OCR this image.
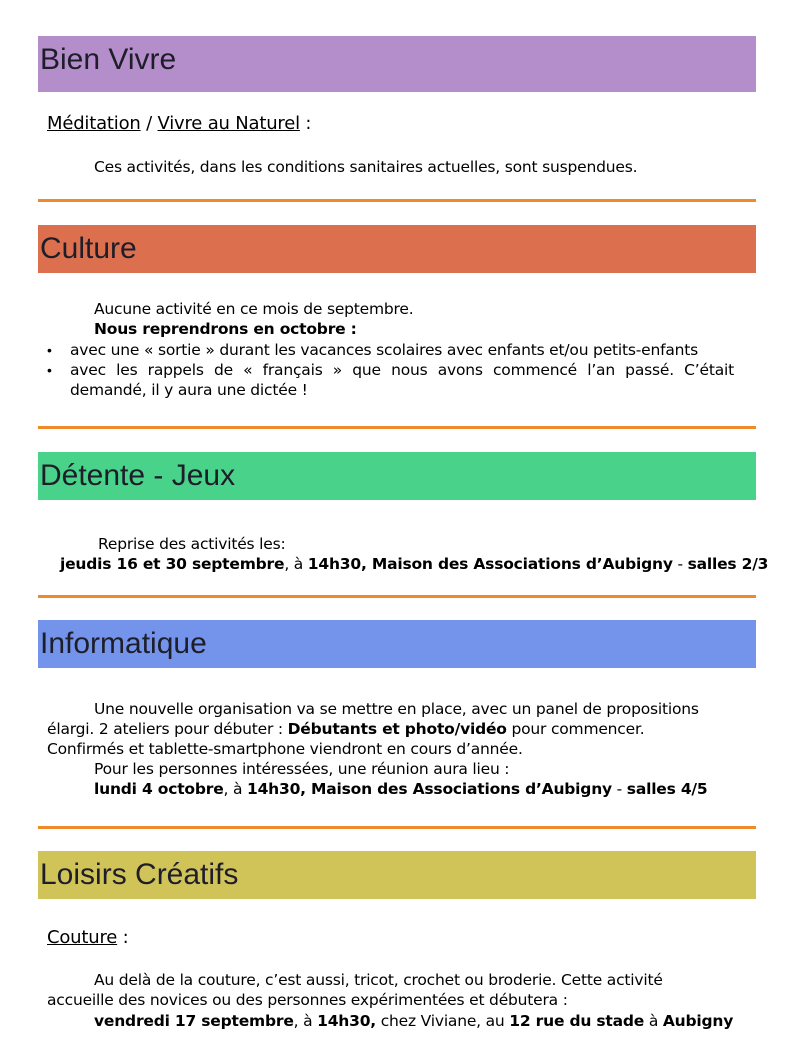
Bien Vivre
Méditation / Vivre au Naturel :
Ces activités, dans les conditions sanitaires actuelles, sont suspendues.
Culture
Aucune activité en ce mois de septembre.
Nous reprendrons en octobre :
• avec une « sortie » durant les vacances scolaires avec enfants et/ou petits-enfants
• avec les rappels de « français » que nous avons commencé l’an passé. C’était demandé, il y aura une dictée !
Détente - Jeux
Reprise des activités les:
jeudis 16 et 30 septembre, à 14h30, Maison des Associations d’Aubigny - salles 2/3
Informatique
Une nouvelle organisation va se mettre en place, avec un panel de propositions
élargi. 2 ateliers pour débuter : Débutants et photo/vidéo pour commencer.
Confirmés et tablette-smartphone viendront en cours d’année.
Pour les personnes intéressées, une réunion aura lieu :
lundi 4 octobre, à 14h30, Maison des Associations d’Aubigny - salles 4/5
Loisirs Créatifs
Couture :
Au delà de la couture, c’est aussi, tricot, crochet ou broderie. Cette activité
accueille des novices ou des personnes expérimentées et débutera :
vendredi 17 septembre, à 14h30, chez Viviane, au 12 rue du stade à Aubigny
